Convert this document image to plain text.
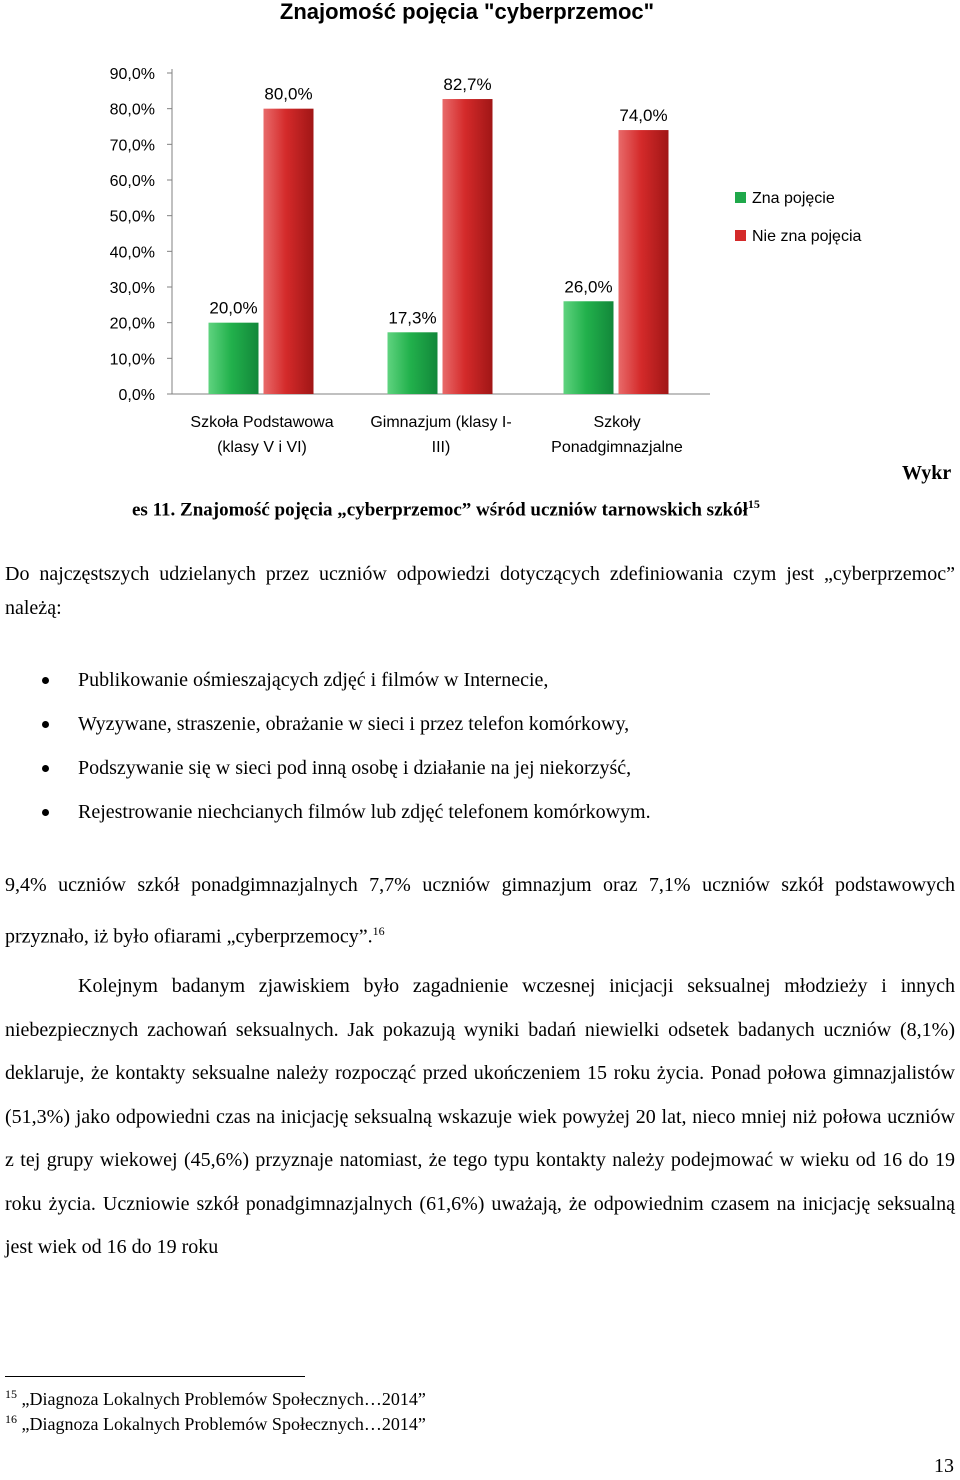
Znajomość pojęcia "cyberprzemoc"
0,0%
10,0%
20,0%
30,0%
40,0%
50,0%
60,0%
70,0%
80,0%
90,0%
20,0%
80,0%
Szkoła Podstawowa
(klasy V i VI)
17,3%
82,7%
Gimnazjum (klasy I-
III)
26,0%
74,0%
Szkoły
Ponadgimnazjalne
Zna pojęcie
Nie zna pojęcia
Wykr
es 11. Znajomość pojęcia „cyberprzemoc” wśród uczniów tarnowskich szkół$^{15}$
Do najczęstszych udzielanych przez uczniów odpowiedzi dotyczących zdefiniowania czym jest „cyberprzemoc” należą:
Publikowanie ośmieszających zdjęć i filmów w Internecie,
Wyzywane, straszenie, obrażanie w sieci i przez telefon komórkowy,
Podszywanie się w sieci pod inną osobę i działanie na jej niekorzyść,
Rejestrowanie niechcianych filmów lub zdjęć telefonem komórkowym.
9,4% uczniów szkół ponadgimnazjalnych 7,7% uczniów gimnazjum oraz 7,1% uczniów szkół podstawowych przyznało, iż było ofiarami „cyberprzemocy”.$^{16}$
Kolejnym badanym zjawiskiem było zagadnienie wczesnej inicjacji seksualnej młodzieży i innych niebezpiecznych zachowań seksualnych. Jak pokazują wyniki badań niewielki odsetek badanych uczniów (8,1%) deklaruje, że kontakty seksualne należy rozpocząć przed ukończeniem 15 roku życia. Ponad połowa gimnazjalistów (51,3%) jako odpowiedni czas na inicjację seksualną wskazuje wiek powyżej 20 lat, nieco mniej niż połowa uczniów z tej grupy wiekowej (45,6%) przyznaje natomiast, że tego typu kontakty należy podejmować w wieku od 16 do 19 roku życia. Uczniowie szkół ponadgimnazjalnych (61,6%) uważają, że odpowiednim czasem na inicjację seksualną jest wiek od 16 do 19 roku
$^{15}$ „Diagnoza Lokalnych Problemów Społecznych…2014”
$^{16}$ „Diagnoza Lokalnych Problemów Społecznych…2014”
13
